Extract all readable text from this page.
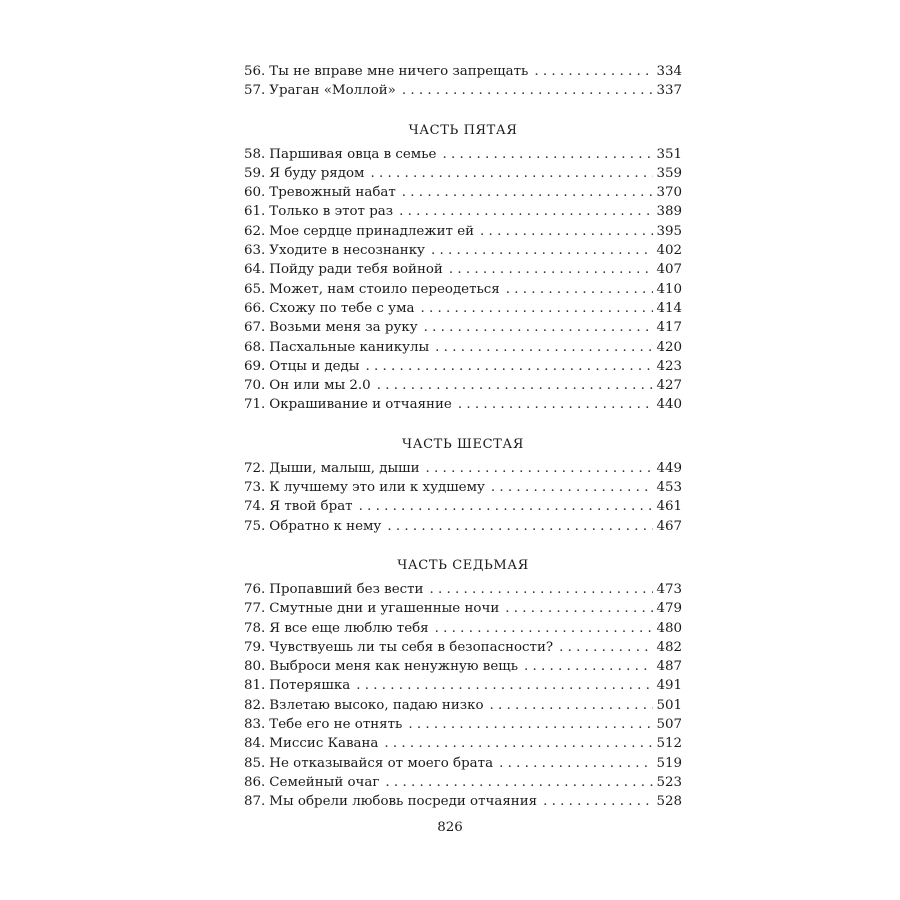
56. Ты не вправе мне ничего запрещать . . .	334
57. Ураган «Моллой» . . .	337
ЧАСТЬ ПЯТАЯ
58. Паршивая овца в семье . . .	351
59. Я буду рядом . . .	359
60. Тревожный набат . . .	370
61. Только в этот раз . . .	389
62. Мое сердце принадлежит ей . . .	395
63. Уходите в несознанку . . .	402
64. Пойду ради тебя войной . . .	407
65. Может, нам стоило переодеться . . .	410
66. Схожу по тебе с ума . . .	414
67. Возьми меня за руку . . .	417
68. Пасхальные каникулы . . .	420
69. Отцы и деды . . .	423
70. Он или мы 2.0 . . .	427
71. Окрашивание и отчаяние . . .	440
ЧАСТЬ ШЕСТАЯ
72. Дыши, малыш, дыши . . .	449
73. К лучшему это или к худшему . . .	453
74. Я твой брат . . .	461
75. Обратно к нему . . .	467
ЧАСТЬ СЕДЬМАЯ
76. Пропавший без вести . . .	473
77. Смутные дни и угашенные ночи . . .	479
78. Я все еще люблю тебя . . .	480
79. Чувствуешь ли ты себя в безопасности? . . .	482
80. Выброси меня как ненужную вещь . . .	487
81. Потеряшка . . .	491
82. Взлетаю высоко, падаю низко . . .	501
83. Тебе его не отнять . . .	507
84. Миссис Кавана . . .	512
85. Не отказывайся от моего брата . . .	519
86. Семейный очаг . . .	523
87. Мы обрели любовь посреди отчаяния . . .	528
826
